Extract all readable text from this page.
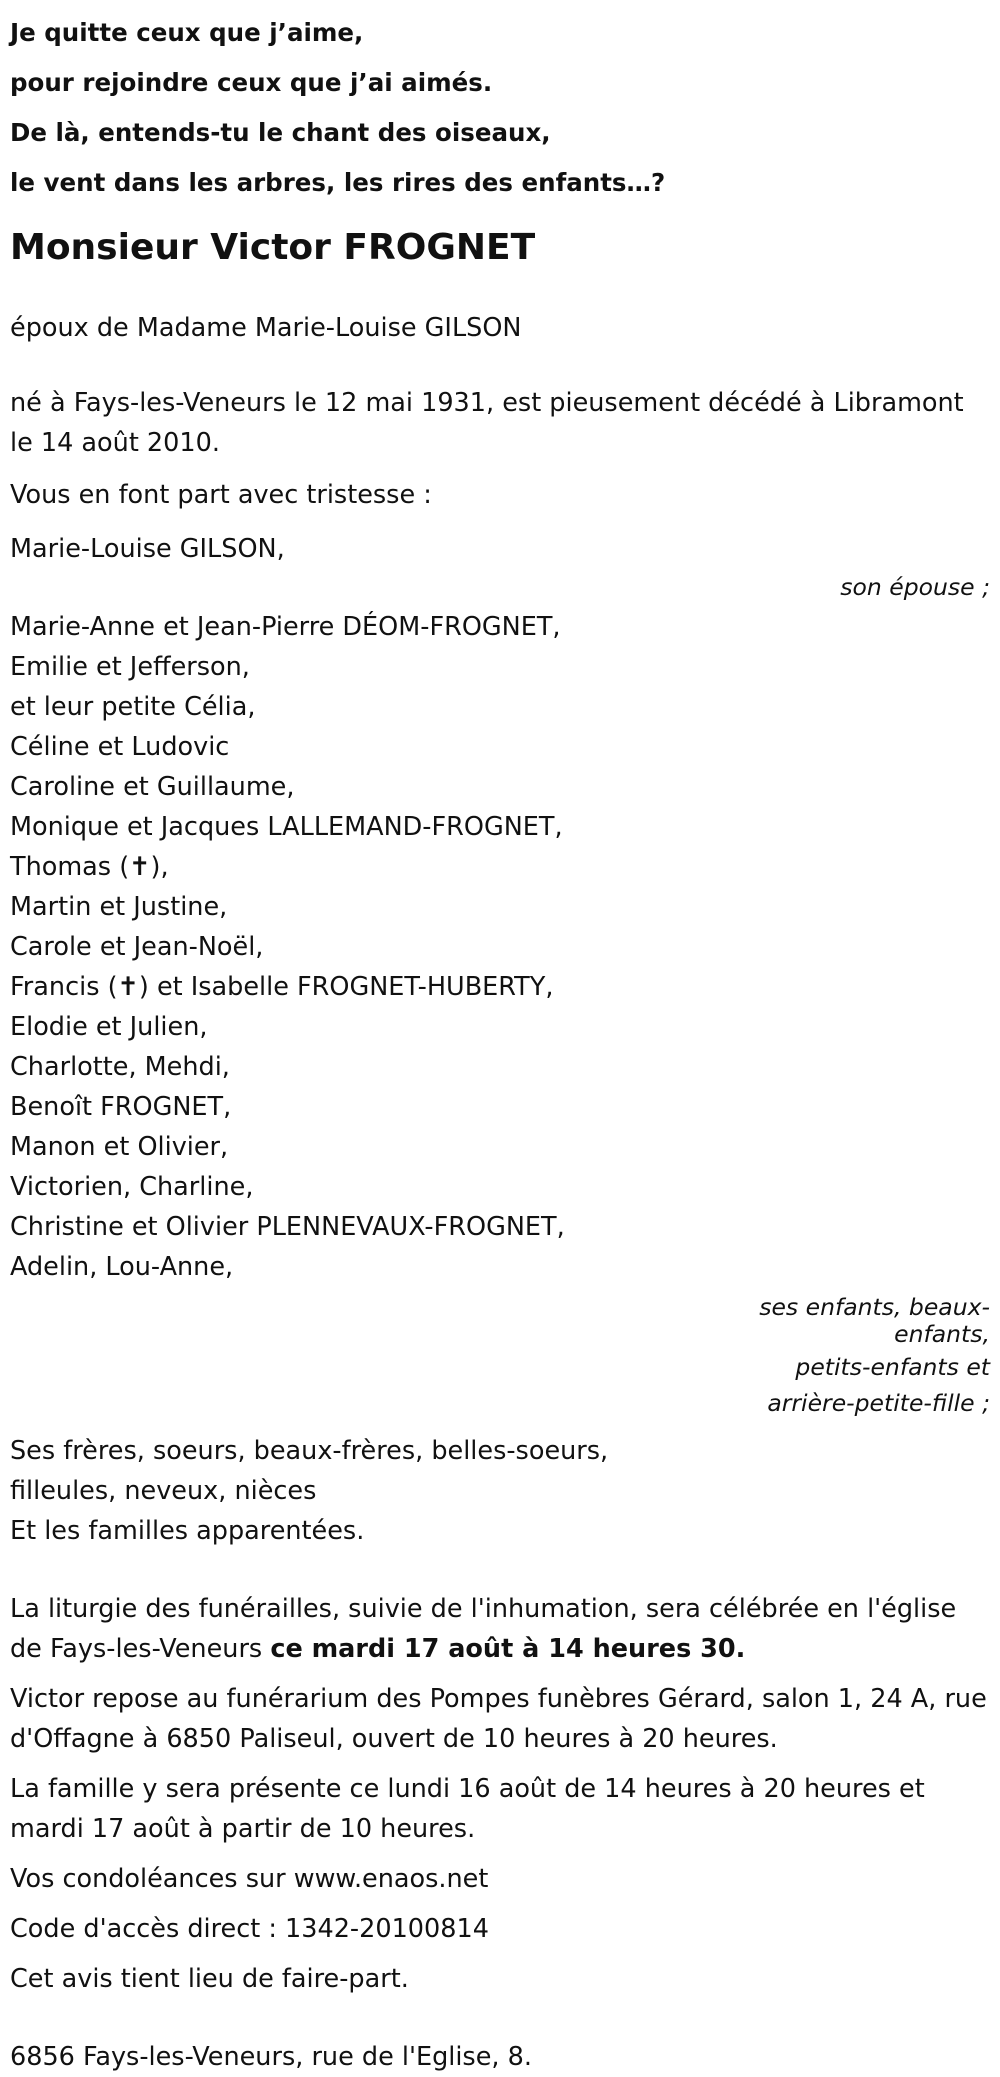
Je quitte ceux que j’aime,

pour rejoindre ceux que j’ai aimés.

De là, entends-tu le chant des oiseaux,

le vent dans les arbres, les rires des enfants…?

Monsieur Victor FROGNET
époux de Madame Marie-Louise GILSON

né à Fays-les-Veneurs le 12 mai 1931, est pieusement décédé à Libramont le 14 août 2010.

Vous en font part avec tristesse :

Marie-Louise GILSON,

son épouse ;
Marie-Anne et Jean-Pierre DÉOM-FROGNET,
Emilie et Jefferson,
et leur petite Célia,
Céline et Ludovic
Caroline et Guillaume,
Monique et Jacques LALLEMAND-FROGNET,
Thomas (✝),
Martin et Justine,
Carole et Jean-Noël,
Francis (✝) et Isabelle FROGNET-HUBERTY,
Elodie et Julien,
Charlotte, Mehdi,
Benoît FROGNET,
Manon et Olivier,
Victorien, Charline,
Christine et Olivier PLENNEVAUX-FROGNET,
Adelin, Lou-Anne,
ses enfants, beaux-
enfants,
petits-enfants et
arrière-petite-fille ;
Ses frères, soeurs, beaux-frères, belles-soeurs,
filleules, neveux, nièces
Et les familles apparentées.
La liturgie des funérailles, suivie de l'inhumation, sera célébrée en l'église de Fays-les-Veneurs ce mardi 17 août à 14 heures 30.
Victor repose au funérarium des Pompes funèbres Gérard, salon 1, 24 A, rue d'Offagne à 6850 Paliseul, ouvert de 10 heures à 20 heures.
La famille y sera présente ce lundi 16 août de 14 heures à 20 heures et mardi 17 août à partir de 10 heures.
Vos condoléances sur www.enaos.net
Code d'accès direct : 1342-20100814
Cet avis tient lieu de faire-part.
6856 Fays-les-Veneurs, rue de l'Eglise, 8.
